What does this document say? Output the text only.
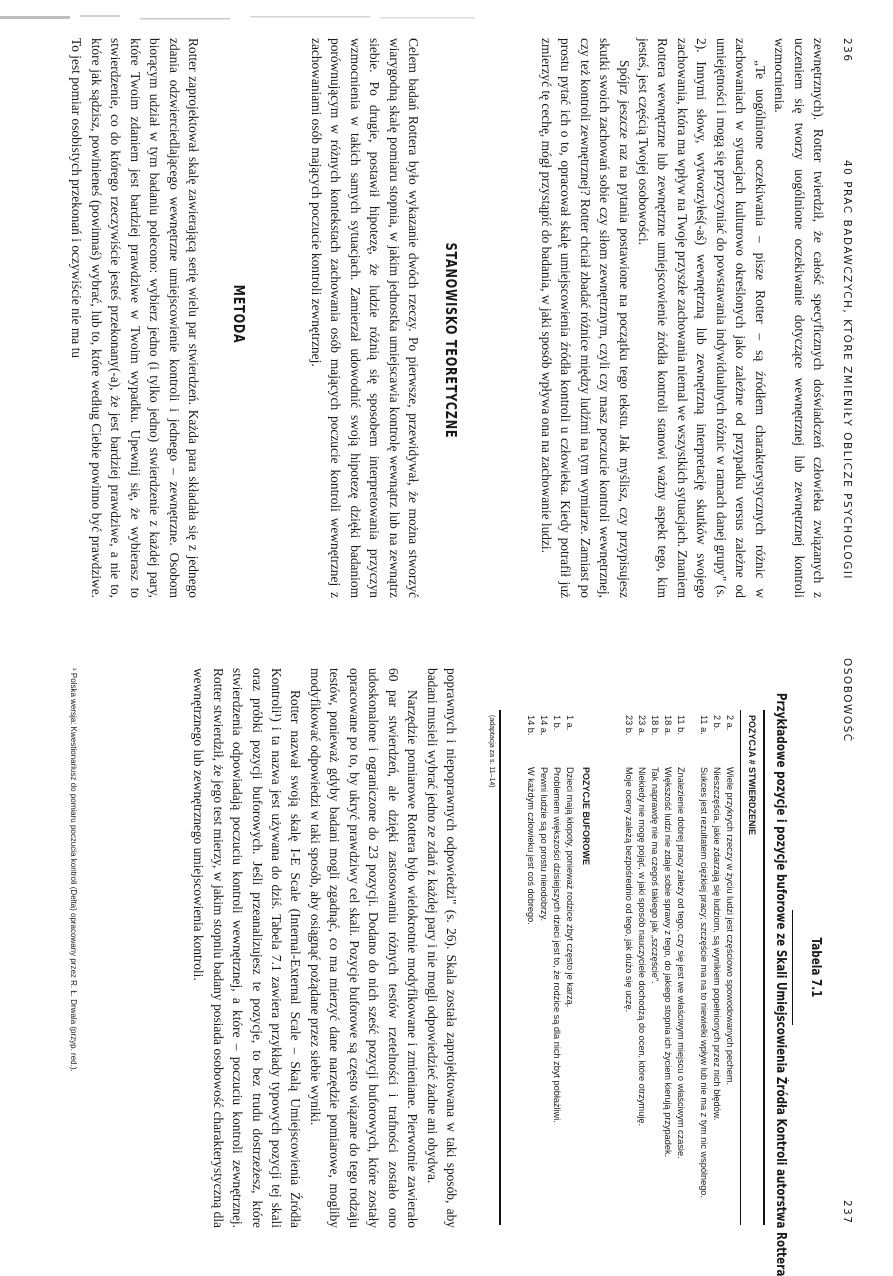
236
40 PRAC BADAWCZYCH, KTÓRE ZMIENIŁY OBLICZE PSYCHOLOGII

zewnętrznych). Rotter twierdził, że całość specyficznych doświadczeń człowieka związanych z uczeniem się tworzy uogólnione oczekiwanie dotyczące wewnętrznej lub zewnętrznej kontroli wzmocnienia.

„Te uogólnione oczekiwania – pisze Rotter – są źródłem charakterystycznych różnic w zachowaniach w sytuacjach kulturowo określonych jako zależne od przypadku versus zależne od umiejętności i mogą się przyczyniać do powstawania indywidualnych różnic w ramach danej grupy" (s. 2). Innymi słowy, wytworzyłeś(-aś) wewnętrzną lub zewnętrzną interpretację skutków swojego zachowania, która ma wpływ na Twoje przyszłe zachowania niemal we wszystkich sytuacjach. Znaniem Rottera wewnętrzne lub zewnętrzne umiejscowienie źródła kontroli stanowi ważny aspekt tego, kim jesteś, jest częścią Twojej osobowości.

Spójrz jeszcze raz na pytania postawione na początku tego tekstu. Jak myślisz, czy przypisujesz skutki swoich zachowań sobie czy siłom zewnętrznym, czyli czy masz poczucie kontroli wewnętrznej, czy też kontroli zewnętrznej? Rotter chciał zbadać różnice między ludźmi na tym wymiarze. Zamiast po prostu pytać ich o to, opracował skalę umiejscowienia źródła kontroli u człowieka. Kiedy potrafił już zmierzyć tę cechę, mógł przystąpić do badania, w jaki sposób wpływa ona na zachowanie ludzi.

STANOWISKO TEORETYCZNE

Celem badań Rottera było wykazanie dwóch rzeczy. Po pierwsze, przewidywał, że można stworzyć wiarygodną skalę pomiaru stopnia, w jakim jednostka umiejscawia kontrolę wewnątrz lub na zewnątrz siebie. Po drugie, postawił hipotezę, że ludzie różnią się sposobem interpretowania przyczyn wzmocnienia w takich samych sytuacjach. Zamierzał udowodnić swoją hipotezę dzięki badaniom porównującym w różnych kontekstach zachowania osób mających poczucie kontroli wewnętrznej z zachowaniami osób mających poczucie kontroli zewnętrznej.

METODA

Rotter zaprojektował skalę zawierającą serię wielu par stwierdzeń. Każda para składała się z jednego zdania odzwierciedlającego wewnętrzne umiejscowienie kontroli i jednego – zewnętrzne. Osobom biorącym udział w tym badaniu polecono: wybierz jedno (i tylko jedno) stwierdzenie z każdej pary, które Twoim zdaniem jest bardziej prawdziwe w Twoim wypadku. Upewnij się, że wybierasz to stwierdzenie, co do którego rzeczywiście jesteś przekonany(-a), że jest bardziej prawdziwe, a nie to, które jak sądzisz, powinieneś (powinnaś) wybrać, lub to, które według Ciebie powinno być prawdziwe. To jest pomiar osobistych przekonań i oczywiście nie ma tu

OSOBOWOŚĆ
237
Tabela 7.1
Przykładowe pozycje i pozycje buforowe ze Skali Umiejscowienia Źródła Kontroli autorstwa Rottera
POZYCJA #
STWIERDZENIE
2 a.
Wiele przykrych rzeczy w życiu ludzi jest częściowo spowodowanych pechem.
2 b.
Nieszczęścia, jakie zdarzają się ludziom, są wynikiem popełnionych przez nich błędów.
11 a.
Sukces jest rezultatem ciężkiej pracy; szczęście ma na to niewielki wpływ lub nie ma z tym nic wspólnego.
11 b.
Znalezienie dobrej pracy zależy od tego, czy się jest we właściwym miejscu o właściwym czasie.
18 a.
Większość ludzi nie zdaje sobie sprawy z tego, do jakiego stopnia ich życiem kierują przypadek.
18 b.
Tak naprawdę nie ma czegoś takiego jak „szczęście".
23 a.
Niekiedy nie mogę pojąć, w jaki sposób nauczyciele dochodzą do ocen, które otrzymuję.
23 b.
Moje oceny zależą bezpośrednio od tego, jak dużo się uczę.
POZYCJE BUFOROWE
1 a.
Dzieci mają kłopoty, ponieważ rodzice zbyt często je karzą.
1 b.
Problemem większości dzisiejszych dzieci jest to, że rodzice są dla nich zbyt pobłażliwi.
14 a.
Pewni ludzie są po prostu nieodobrzy.
14 b.
W każdym człowieku jest coś dobrego.
(adaptacja za s. 11–14)

poprawnych i niepoprawnych odpowiedzi" (s. 26). Skala została zaprojektowana w taki sposób, aby badani musieli wybrać jedno ze zdań z każdej pary i nie mogli odpowiedzieć żadne ani obydwa.

Narzędzie pomiarowe Rottera było wielokrotnie modyfikowane i zmieniane. Pierwotnie zawierało 60 par stwierdzeń, ale dzięki zastosowaniu różnych testów rzetelności i trafności zostało ono udoskonalone i ograniczone do 23 pozycji. Dodano do nich sześć pozycji buforowych, które zostały opracowane po to, by ukryć prawdziwy cel skali. Pozycje buforowe są często wiązane do tego rodzaju testów, ponieważ gdyby badani mogli zgadnąć, co ma mierzyć dane narzędzie pomiarowe, mogliby modyfikować odpowiedzi w taki sposób, aby osiągnąć pożądane przez siebie wyniki.

Rotter nazwał swoją skalę I-E Scale (Internal-External Scale – Skalą Umiejscowienia Źródła Kontroli¹) i ta nazwa jest używana do dziś. Tabela 7.1 zawiera przykłady typowych pozycji tej skali oraz próbki pozycji buforowych. Jeśli przeanalizujesz te pozycje, to bez trudu dostrzeżesz, które stwierdzenia odpowiadają poczuciu kontroli wewnętrznej, a które – poczuciu kontroli zewnętrznej. Rotter stwierdził, że jego test mierzy, w jakim stopniu badany posiada osobowość charakterystyczną dla wewnętrznego lub zewnętrznego umiejscowienia kontroli.

¹ Polska wersja: Kwestionariusz do pomiaru poczucia kontroli (Delta) opracowany przez R. Ł. Drwala (przyp. red.).
